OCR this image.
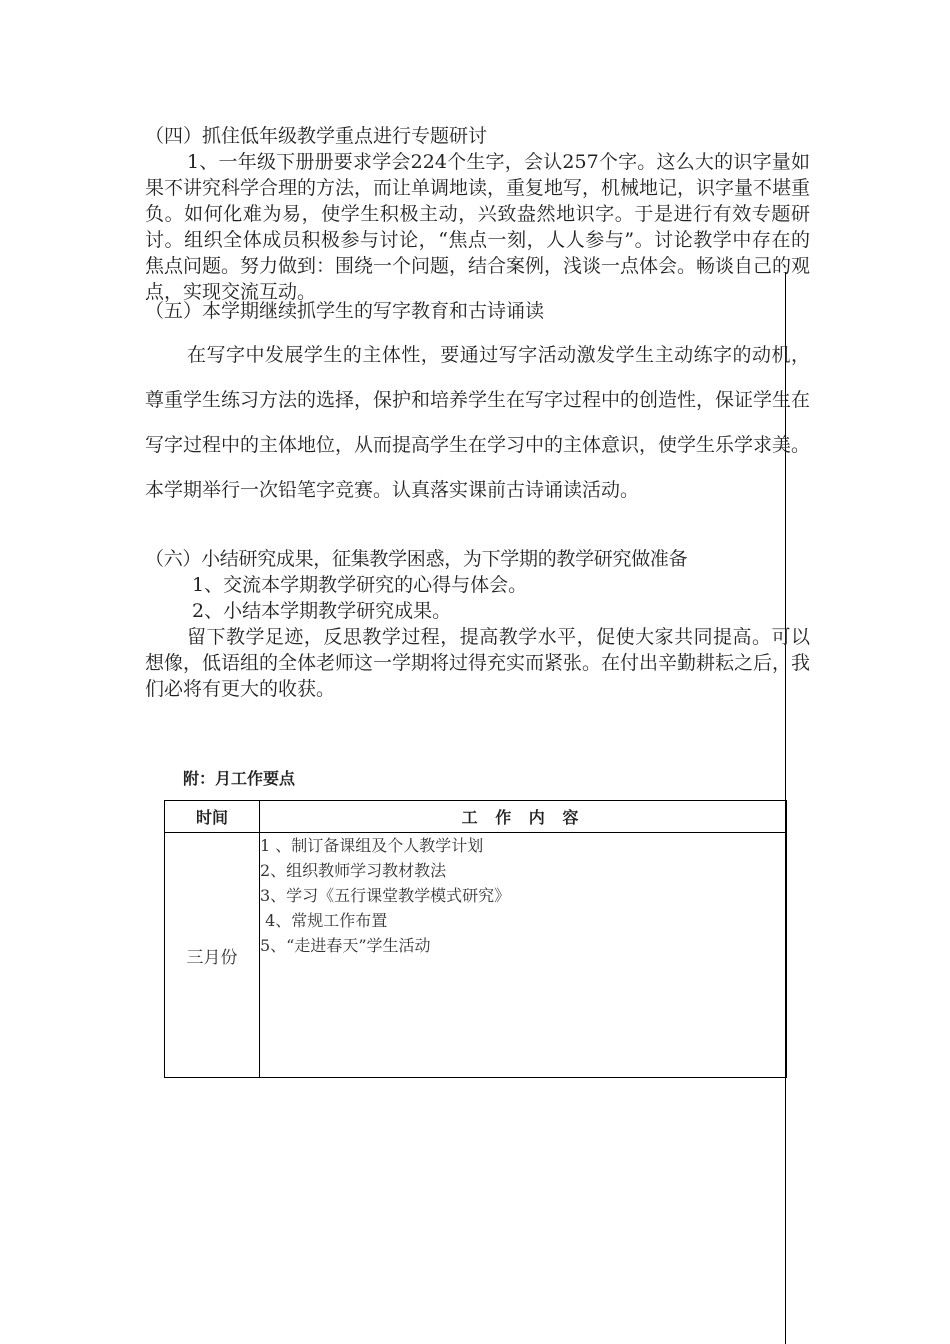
（四）抓住低年级教学重点进行专题研讨

1、一年级下册册要求学会224个生字，会认257个字。这么大的识字量如果不讲究科学合理的方法，而让单调地读，重复地写，机械地记，识字量不堪重负。如何化难为易，使学生积极主动，兴致盎然地识字。于是进行有效专题研讨。组织全体成员积极参与讨论，“焦点一刻，人人参与”。讨论教学中存在的焦点问题。努力做到：围绕一个问题，结合案例，浅谈一点体会。畅谈自己的观点，实现交流互动。

（五）本学期继续抓学生的写字教育和古诗诵读

在写字中发展学生的主体性，要通过写字活动激发学生主动练字的动机，尊重学生练习方法的选择，保护和培养学生在写字过程中的创造性，保证学生在写字过程中的主体地位，从而提高学生在学习中的主体意识，使学生乐学求美。本学期举行一次铅笔字竞赛。认真落实课前古诗诵读活动。

（六）小结研究成果，征集教学困惑，为下学期的教学研究做准备

1、交流本学期教学研究的心得与体会。

2、小结本学期教学研究成果。

留下教学足迹，反思教学过程，提高教学水平，促使大家共同提高。可以想像，低语组的全体老师这一学期将过得充实而紧张。在付出辛勤耕耘之后，我们必将有更大的收获。

附：月工作要点
时间	工 作 内 容
三月份	1 、制订备课组及个人教学计划
2、组织教师学习教材教法
3、学习《五行课堂教学模式研究》
4、常规工作布置
5、“走进春天”学生活动
